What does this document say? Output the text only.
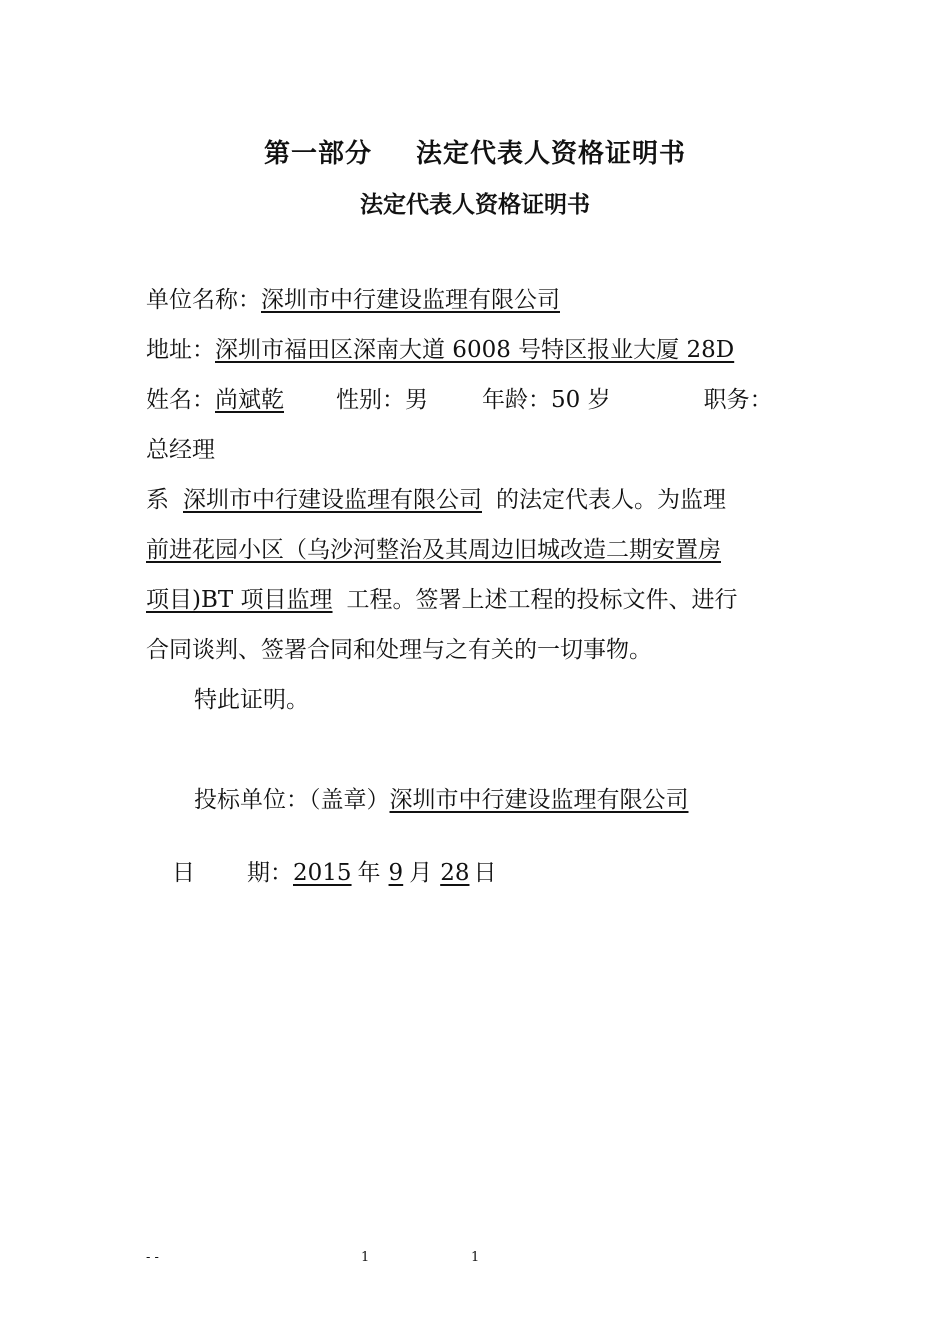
第一部分 法定代表人资格证明书
法定代表人资格证明书
单位名称：深圳市中行建设监理有限公司
地址：深圳市福田区深南大道 6008 号特区报业大厦 28D
姓名：尚斌乾 性别：男 年龄：50 岁	职务：
总经理
系 深圳市中行建设监理有限公司 的法定代表人。为监理
前进花园小区（乌沙河整治及其周边旧城改造二期安置房
项目)BT 项目监理 工程。签署上述工程的投标文件、进行
合同谈判、签署合同和处理与之有关的一切事物。
特此证明。
投标单位：（盖章）深圳市中行建设监理有限公司
日 期：2015 年 9 月 28 日
- -	1	1
